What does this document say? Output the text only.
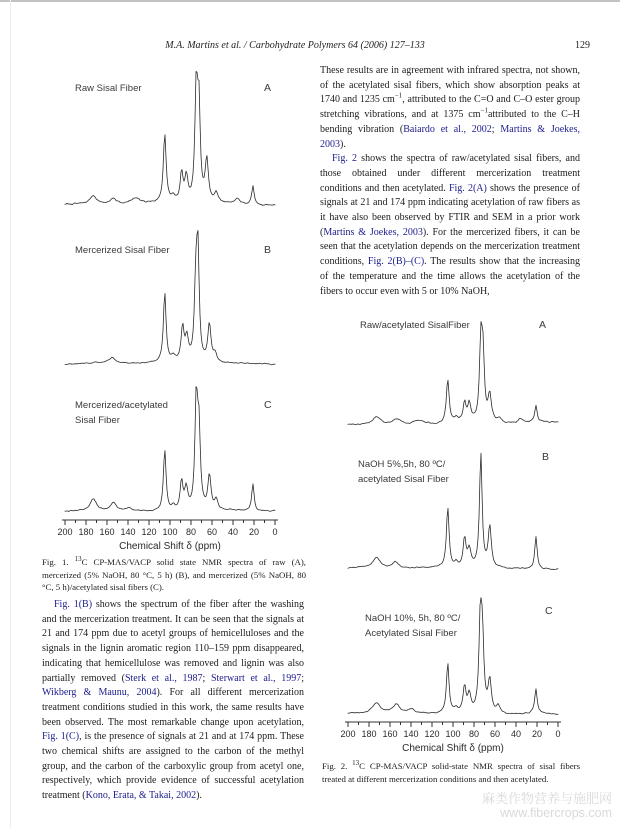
M.A. Martins et al. / Carbohydrate Polymers 64 (2006) 127–133	129
Raw Sisal Fiber	A
Mercerized Sisal Fiber	B
Mercerized/acetylated
Sisal Fiber
C
200 180 160 140 120 100 80 60 40 20 0
Chemical Shift δ (ppm)
Fig. 1. $^{13}$C CP-MAS/VACP solid state NMR spectra of raw (A), mercerized (5% NaOH, 80 °C, 5 h) (B), and mercerized (5% NaOH, 80 °C, 5 h)/acetylated sisal fibers (C).

Fig. 1(B) shows the spectrum of the fiber after the washing and the mercerization treatment. It can be seen that the signals at 21 and 174 ppm due to acetyl groups of hemicelluloses and the signals in the lignin aromatic region 110–159 ppm disappeared, indicating that hemicellulose was removed and lignin was also partially removed (Sterk et al., 1987; Sterwart et al., 1997; Wikberg & Maunu, 2004). For all different mercerization treatment conditions studied in this work, the same results have been observed. The most remarkable change upon acetylation, Fig. 1(C), is the presence of signals at 21 and at 174 ppm. These two chemical shifts are assigned to the carbon of the methyl group, and the carbon of the carboxylic group from acetyl one, respectively, which provide evidence of successful acetylation treatment (Kono, Erata, & Takai, 2002).

These results are in agreement with infrared spectra, not shown, of the acetylated sisal fibers, which show absorption peaks at 1740 and 1235 $cm^{-1}$, attributed to the C=O and C–O ester group stretching vibrations, and at 1375 $cm^{-1}attributed$ to the C–H bending vibration (Baiardo et al., 2002; Martins & Joekes, 2003).

Fig. 2 shows the spectra of raw/acetylated sisal fibers, and those obtained under different mercerization treatment conditions and then acetylated. Fig. 2(A) shows the presence of signals at 21 and 174 ppm indicating acetylation of raw fibers as it have also been observed by FTIR and SEM in a prior work (Martins & Joekes, 2003). For the mercerized fibers, it can be seen that the acetylation depends on the mercerization treatment conditions, Fig. 2(B)–(C). The results show that the increasing of the temperature and the time allows the acetylation of the fibers to occur even with 5 or 10% NaOH,

Raw/acetylated SisalFiber	A
NaOH 5%,5h, 80 ºC/
acetylated Sisal Fiber
B
NaOH 10%, 5h, 80 ºC/
Acetylated Sisal Fiber
C
200 180 160 140 120 100 80 60 40 20 0
Chemical Shift δ (ppm)
Fig. 2. $^{13}$C CP-MAS/VACP solid-state NMR spectra of sisal fibers treated at different mercerization conditions and then acetylated.
麻类作物营养与施肥网
www.fibercrops.com
